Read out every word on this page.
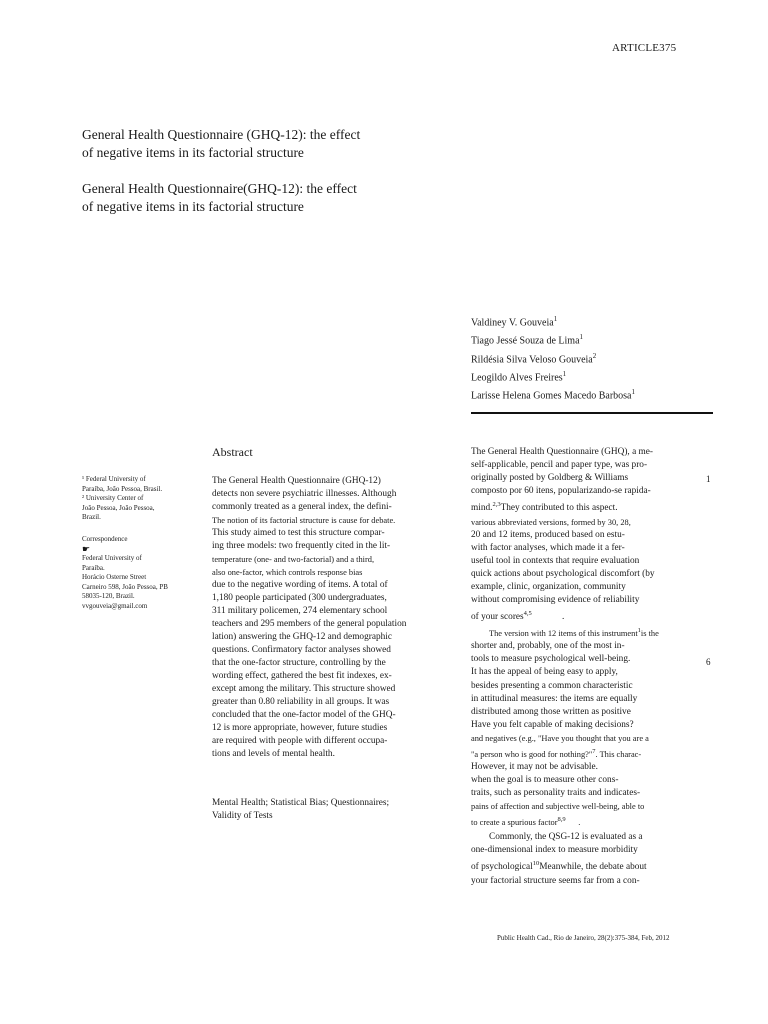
ARTICLE375
General Health Questionnaire (GHQ-12): the effect
of negative items in its factorial structure
General Health Questionnaire(GHQ-12): the effect
of negative items in its factorial structure
Valdiney V. Gouveia$^1$
Tiago Jessé Souza de Lima$^1$
Rildésia Silva Veloso Gouveia$^2$
Leogildo Alves Freires$^1$
Larisse Helena Gomes Macedo Barbosa$^1$
¹ Federal University of
Paraíba, João Pessoa, Brasil.
² University Center of
João Pessoa, João Pessoa,
Brazil.
Correspondence
☛
Federal University of
Paraíba.
Horácio Osterne Street
Carneiro 598, João Pessoa, PB
58035-120, Brazil.
vvgouveia@gmail.com
Abstract
The General Health Questionnaire (GHQ-12)
detects non severe psychiatric illnesses. Although
commonly treated as a general index, the defini-
The notion of its factorial structure is cause for debate.
This study aimed to test this structure compar-
ing three models: two frequently cited in the lit-
temperature (one- and two-factorial) and a third,
also one-factor, which controls response bias
due to the negative wording of items. A total of
1,180 people participated (300 undergraduates,
311 military policemen, 274 elementary school
teachers and 295 members of the general population
lation) answering the GHQ-12 and demographic
questions. Confirmatory factor analyses showed
that the one-factor structure, controlling by the
wording effect, gathered the best fit indexes, ex-
except among the military. This structure showed
greater than 0.80 reliability in all groups. It was
concluded that the one-factor model of the GHQ-
12 is more appropriate, however, future studies
are required with people with different occupa-
tions and levels of mental health.
Mental Health; Statistical Bias; Questionnaires;
Validity of Tests
The General Health Questionnaire (GHQ), a me-
self-applicable, pencil and paper type, was pro-
originally posted by Goldberg & Williams
composto por 60 itens, popularizando-se rapida-
mind.$^{2,3}$They contributed to this aspect.
various abbreviated versions, formed by 30, 28,
20 and 12 items, produced based on estu-
with factor analyses, which made it a fer-
useful tool in contexts that require evaluation
quick actions about psychological discomfort (by
example, clinic, organization, community
without compromising evidence of reliability
of your scores$^{4,5}$	.
The version with 12 items of this instrument$^1$is the
shorter and, probably, one of the most in-
tools to measure psychological well-being.
It has the appeal of being easy to apply,
besides presenting a common characteristic
in attitudinal measures: the items are equally
distributed among those written as positive
Have you felt capable of making decisions?
and negatives (e.g., "Have you thought that you are a
"a person who is good for nothing?"$^7$. This charac-
However, it may not be advisable.
when the goal is to measure other cons-
traits, such as personality traits and indicates-
pains of affection and subjective well-being, able to
to create a spurious factor$^{8,9}$ .
Commonly, the QSG-12 is evaluated as a
one-dimensional index to measure morbidity
of psychological$^{10}$Meanwhile, the debate about
your factorial structure seems far from a con-
1
6
Public Health Cad., Rio de Janeiro, 28(2):375-384, Feb, 2012
